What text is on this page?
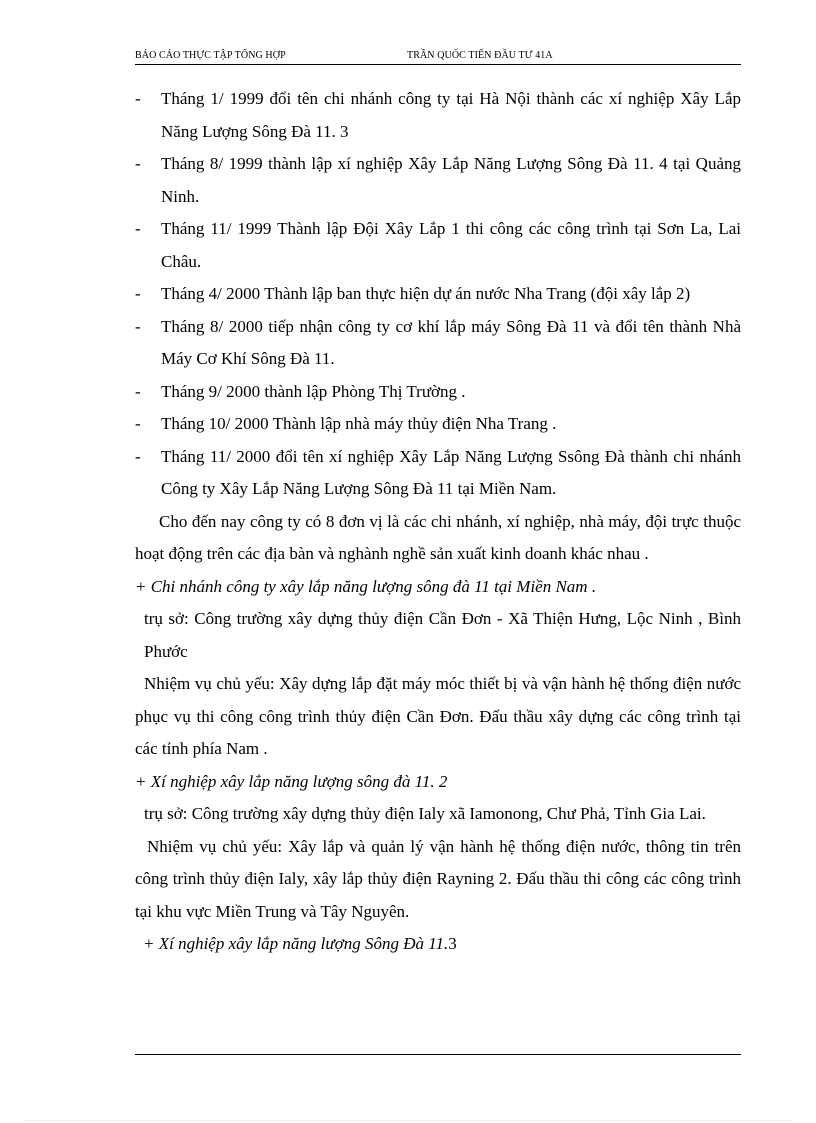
BÁO CÁO THỰC TẬP TỔNG HỢP	TRẦN QUỐC TIẾN ĐẦU TƯ 41A
- Tháng 1/ 1999 đổi tên chi nhánh công ty tại Hà Nội thành các xí nghiệp Xây Lắp Năng Lượng Sông Đà 11. 3
- Tháng 8/ 1999 thành lập xí nghiệp Xây Lắp Năng Lượng Sông Đà 11. 4 tại Quảng Ninh.
- Tháng 11/ 1999 Thành lập Đội Xây Lắp 1 thi công các công trình tại Sơn La, Lai Châu.
- Tháng 4/ 2000 Thành lập ban thực hiện dự án nước Nha Trang (đội xây lắp 2)
- Tháng 8/ 2000 tiếp nhận công ty cơ khí lắp máy Sông Đà 11 và đổi tên thành Nhà Máy Cơ Khí Sông Đà 11.
- Tháng 9/ 2000 thành lập Phòng Thị Trường .
- Tháng 10/ 2000 Thành lập nhà máy thủy điện Nha Trang .
- Tháng 11/ 2000 đổi tên xí nghiệp Xây Lắp Năng Lượng Ssông Đà thành chi nhánh Công ty Xây Lắp Năng Lượng Sông Đà 11 tại Miền Nam.
Cho đến nay công ty có 8 đơn vị là các chi nhánh, xí nghiệp, nhà máy, đội trực thuộc hoạt động trên các địa bàn và nghành nghề sản xuất kinh doanh khác nhau .
+ Chi nhánh công ty xây lắp năng lượng sông đà 11 tại Miền Nam .
trụ sở: Công trường xây dựng thủy điện Cần Đơn - Xã Thiện Hưng, Lộc Ninh , Bình Phước
Nhiệm vụ chủ yếu: Xây dựng lắp đặt máy móc thiết bị và vận hành hệ thống điện nước phục vụ thi công công trình thủy điện Cần Đơn. Đấu thầu xây dựng các công trình tại các tỉnh phía Nam .
+ Xí nghiệp xây lắp năng lượng sông đà 11. 2
trụ sở: Công trường xây dựng thủy điện Ialy xã Iamonong, Chư Phả, Tỉnh Gia Lai.
Nhiệm vụ chủ yếu: Xây lắp và quản lý vận hành hệ thống điện nước, thông tin trên công trình thủy điện Ialy, xây lắp thủy điện Rayning 2. Đấu thầu thi công các công trình tại khu vực Miền Trung và Tây Nguyên.
+ Xí nghiệp xây lắp năng lượng Sông Đà 11.3
